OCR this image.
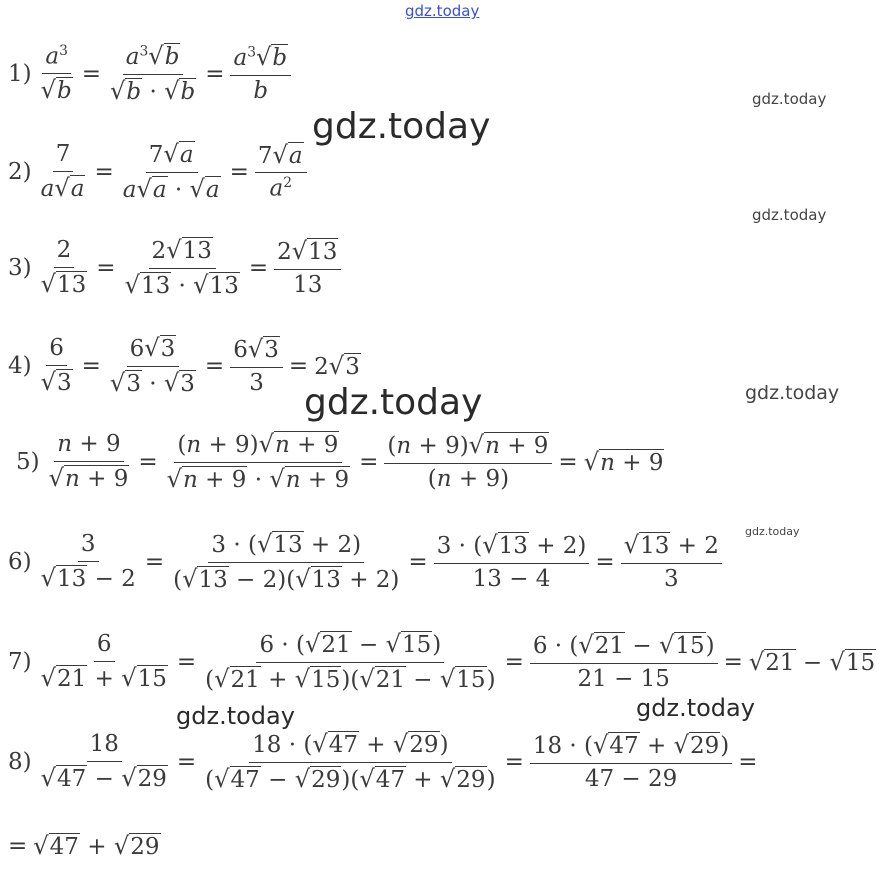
gdz.today
gdz.today
gdz.today
gdz.today	gdz.today
gdz.today
gdz.today
gdz.today
gdz.today
$1) \frac{a^3}{√b} = \frac{a^3√b}{√b \cdot √b} = \frac{a^3√b}{b}$
$2) \frac{7}{a√a} = \frac{7√a}{a√a \cdot √a} = \frac{7√a}{a^2}$
$3) \frac{2}{√13} = \frac{2√13}{√13 \cdot √13} = \frac{2√13}{13}$
$4) \frac{6}{√3} = \frac{6√3}{√3 \cdot √3} = \frac{6√3}{3} = 2√3$
$5) \frac{n + 9}{√n + 9} = \frac{(n + 9)√n + 9}{√n + 9 \cdot √n + 9} = \frac{(n + 9)√n + 9}{(n + 9)} = √n + 9$
$6) \frac{3}{√13 - 2} = \frac{3 \cdot (√13 + 2)}{(√13 - 2)(√13 + 2)} = \frac{3 \cdot (√13 + 2)}{13 - 4} = \frac{√13 + 2}{3}$
$7) \frac{6}{√21 + √15} = \frac{6 \cdot (√21 - √15)}{(√21 + √15)(√21 - √15)} = \frac{6 \cdot (√21 - √15)}{21 - 15} = √21 - √15$
$8) \frac{18}{√47 - √29} = \frac{18 \cdot (√47 + √29)}{(√47 - √29)(√47 + √29)} = \frac{18 \cdot (√47 + √29)}{47 - 29}$ =
= √47 + √29
